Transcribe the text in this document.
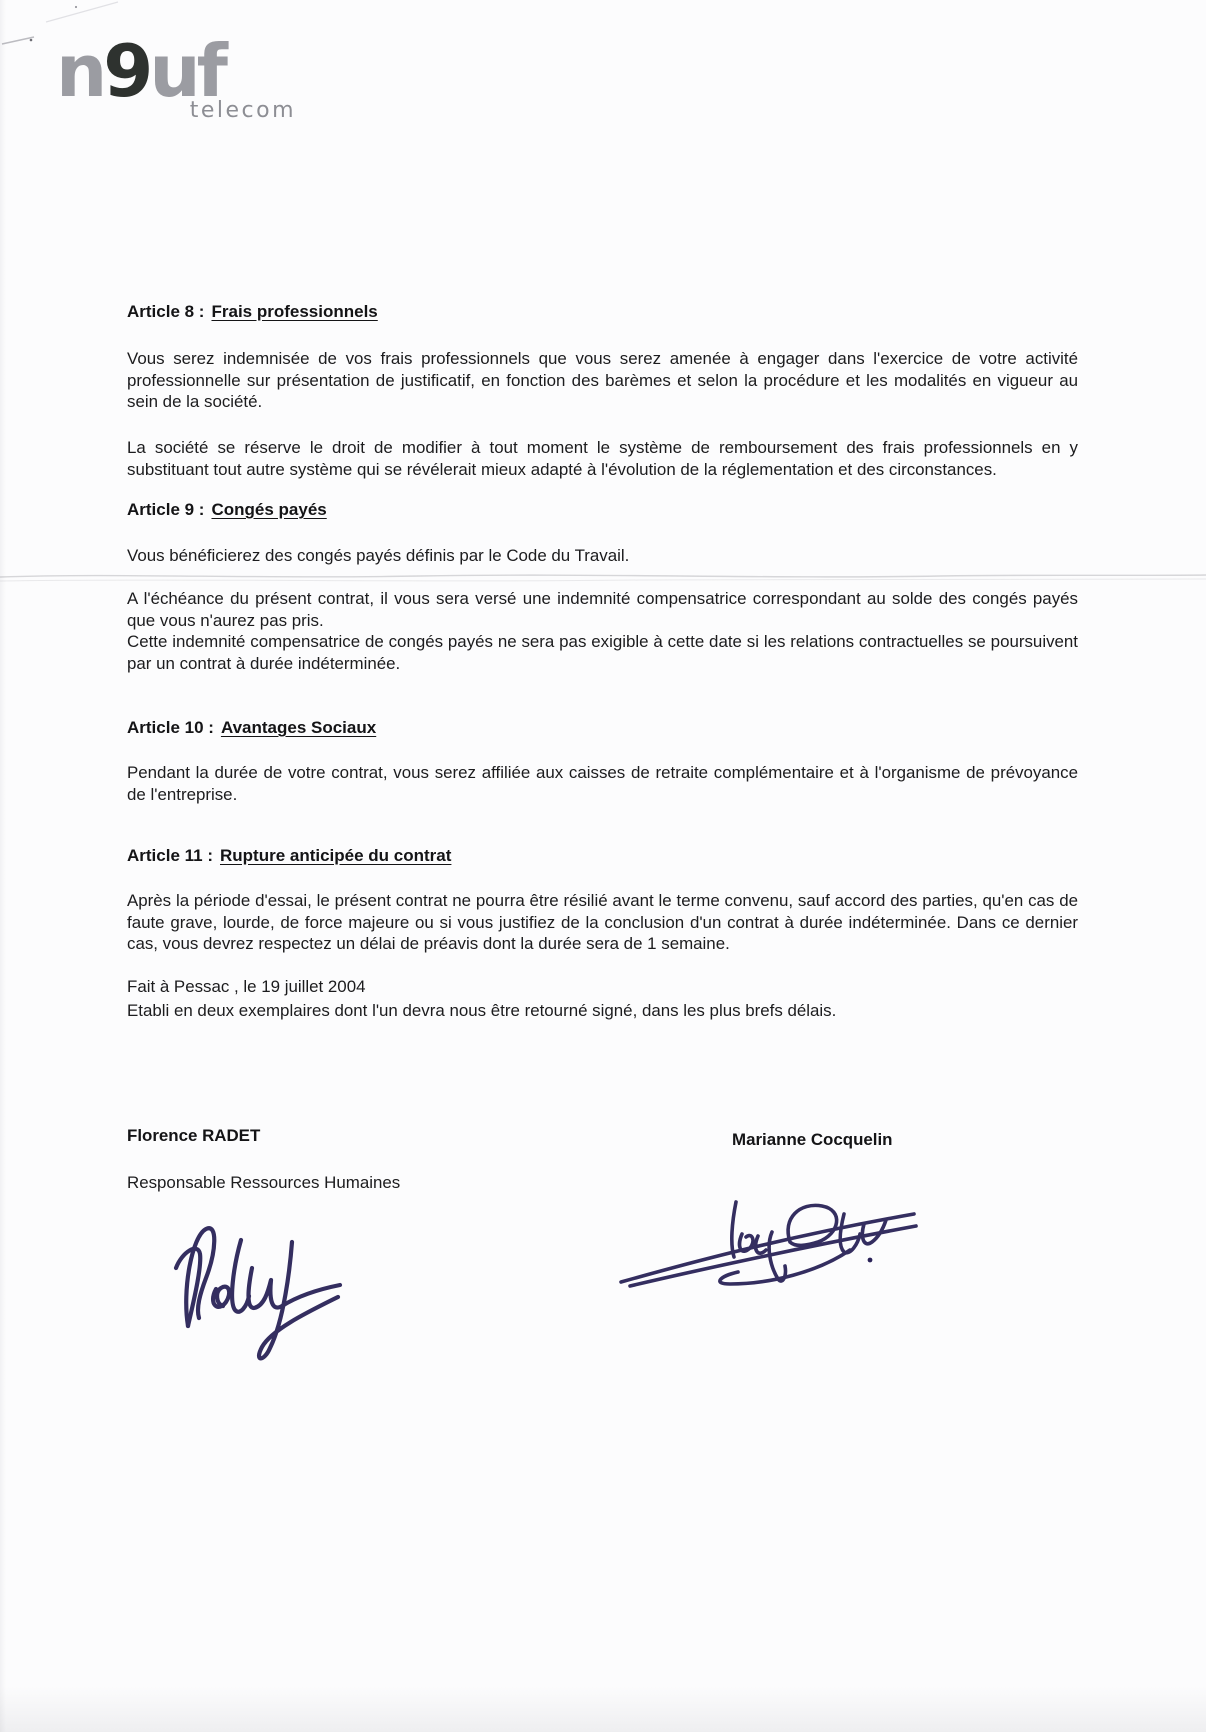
n9uf
telecom
Article 8 : Frais professionnels
Vous serez indemnisée de vos frais professionnels que vous serez amenée à engager dans l'exercice de votre activité professionnelle sur présentation de justificatif, en fonction des barèmes et selon la procédure et les modalités en vigueur au sein de la société.
La société se réserve le droit de modifier à tout moment le système de remboursement des frais professionnels en y substituant tout autre système qui se révélerait mieux adapté à l'évolution de la réglementation et des circonstances.
Article 9 : Congés payés
Vous bénéficierez des congés payés définis par le Code du Travail.
A l'échéance du présent contrat, il vous sera versé une indemnité compensatrice correspondant au solde des congés payés que vous n'aurez pas pris.
Cette indemnité compensatrice de congés payés ne sera pas exigible à cette date si les relations contractuelles se poursuivent par un contrat à durée indéterminée.
Article 10 : Avantages Sociaux
Pendant la durée de votre contrat, vous serez affiliée aux caisses de retraite complémentaire et à l'organisme de prévoyance de l'entreprise.
Article 11 : Rupture anticipée du contrat
Après la période d'essai, le présent contrat ne pourra être résilié avant le terme convenu, sauf accord des parties, qu'en cas de faute grave, lourde, de force majeure ou si vous justifiez de la conclusion d'un contrat à durée indéterminée. Dans ce dernier cas, vous devrez respectez un délai de préavis dont la durée sera de 1 semaine.
Fait à Pessac , le 19 juillet 2004
Etabli en deux exemplaires dont l'un devra nous être retourné signé, dans les plus brefs délais.
Florence RADET	Marianne Cocquelin
Responsable Ressources Humaines
